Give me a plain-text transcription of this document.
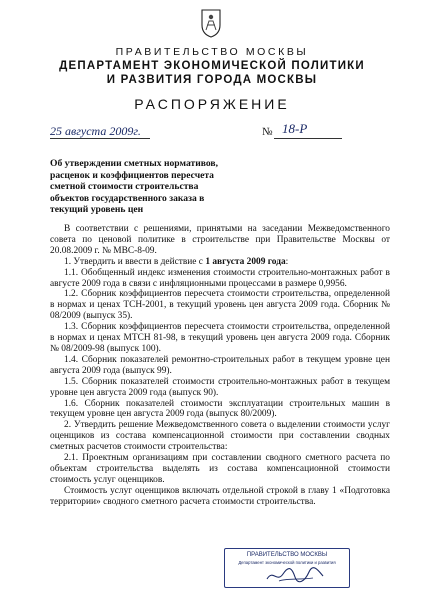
ПРАВИТЕЛЬСТВО МОСКВЫ
ДЕПАРТАМЕНТ ЭКОНОМИЧЕСКОЙ ПОЛИТИКИ
И РАЗВИТИЯ ГОРОДА МОСКВЫ
РАСПОРЯЖЕНИЕ
25 августа 2009г.	№ 18-Р
Об утверждении сметных нормативов,
расценок и коэффициентов пересчета
сметной стоимости строительства
объектов государственного заказа в
текущий уровень цен

В соответствии с решениями, принятыми на заседании Межведомственного совета по ценовой политике в строительстве при Правительстве Москвы от 20.08.2009 г. № МВС-8-09.

1. Утвердить и ввести в действие с 1 августа 2009 года:

1.1. Обобщенный индекс изменения стоимости строительно-монтажных работ в августе 2009 года в связи с инфляционными процессами в размере 0,9956.

1.2. Сборник коэффициентов пересчета стоимости строительства, определенной в нормах и ценах ТСН-2001, в текущий уровень цен августа 2009 года. Сборник № 08/2009 (выпуск 35).

1.3. Сборник коэффициентов пересчета стоимости строительства, определенной в нормах и ценах МТСН 81-98, в текущий уровень цен августа 2009 года. Сборник № 08/2009-98 (выпуск 100).

1.4. Сборник показателей ремонтно-строительных работ в текущем уровне цен августа 2009 года (выпуск 99).

1.5. Сборник показателей стоимости строительно-монтажных работ в текущем уровне цен августа 2009 года (выпуск 90).

1.6. Сборник показателей стоимости эксплуатации строительных машин в текущем уровне цен августа 2009 года (выпуск 80/2009).

2. Утвердить решение Межведомственного совета о выделении стоимости услуг оценщиков из состава компенсационной стоимости при составлении сводных сметных расчетов стоимости строительства:

2.1. Проектным организациям при составлении сводного сметного расчета по объектам строительства выделять из состава компенсационной стоимости стоимость услуг оценщиков.

Стоимость услуг оценщиков включать отдельной строкой в главу 1 «Подготовка территории» сводного сметного расчета стоимости строительства.

ПРАВИТЕЛЬСТВО МОСКВЫ
Департамент экономической политики и развития
